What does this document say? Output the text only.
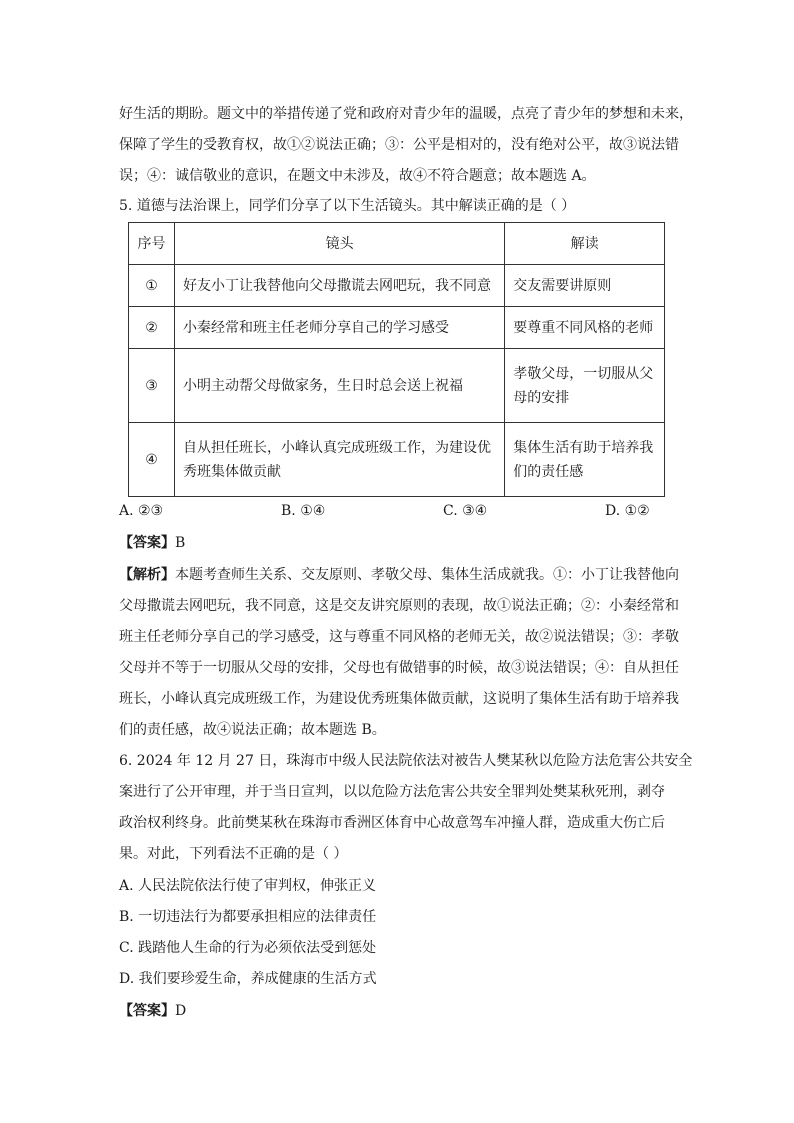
好生活的期盼。题文中的举措传递了党和政府对青少年的温暖，点亮了青少年的梦想和未来，
保障了学生的受教育权，故①②说法正确；③：公平是相对的，没有绝对公平，故③说法错
误；④：诚信敬业的意识，在题文中未涉及，故④不符合题意；故本题选 A。
5. 道德与法治课上，同学们分享了以下生活镜头。其中解读正确的是（ ）
序号	镜头	解读
①	好友小丁让我替他向父母撒谎去网吧玩，我不同意	交友需要讲原则
②	小秦经常和班主任老师分享自己的学习感受	要尊重不同风格的老师
③	小明主动帮父母做家务，生日时总会送上祝福	孝敬父母，一切服从父母的安排
④	自从担任班长，小峰认真完成班级工作，为建设优秀班集体做贡献	集体生活有助于培养我们的责任感
A. ②③	B. ①④	C. ③④	D. ①②
【答案】B
【解析】本题考查师生关系、交友原则、孝敬父母、集体生活成就我。①：小丁让我替他向
父母撒谎去网吧玩，我不同意，这是交友讲究原则的表现，故①说法正确；②：小秦经常和
班主任老师分享自己的学习感受，这与尊重不同风格的老师无关，故②说法错误；③：孝敬
父母并不等于一切服从父母的安排，父母也有做错事的时候，故③说法错误；④：自从担任
班长，小峰认真完成班级工作，为建设优秀班集体做贡献，这说明了集体生活有助于培养我
们的责任感，故④说法正确；故本题选 B。
6. 2024 年 12 月 27 日，珠海市中级人民法院依法对被告人樊某秋以危险方法危害公共安全
案进行了公开审理，并于当日宣判，以以危险方法危害公共安全罪判处樊某秋死刑，剥夺
政治权利终身。此前樊某秋在珠海市香洲区体育中心故意驾车冲撞人群，造成重大伤亡后
果。对此，下列看法不正确的是（ ）
A. 人民法院依法行使了审判权，伸张正义
B. 一切违法行为都要承担相应的法律责任
C. 践踏他人生命的行为必须依法受到惩处
D. 我们要珍爱生命，养成健康的生活方式
【答案】D
